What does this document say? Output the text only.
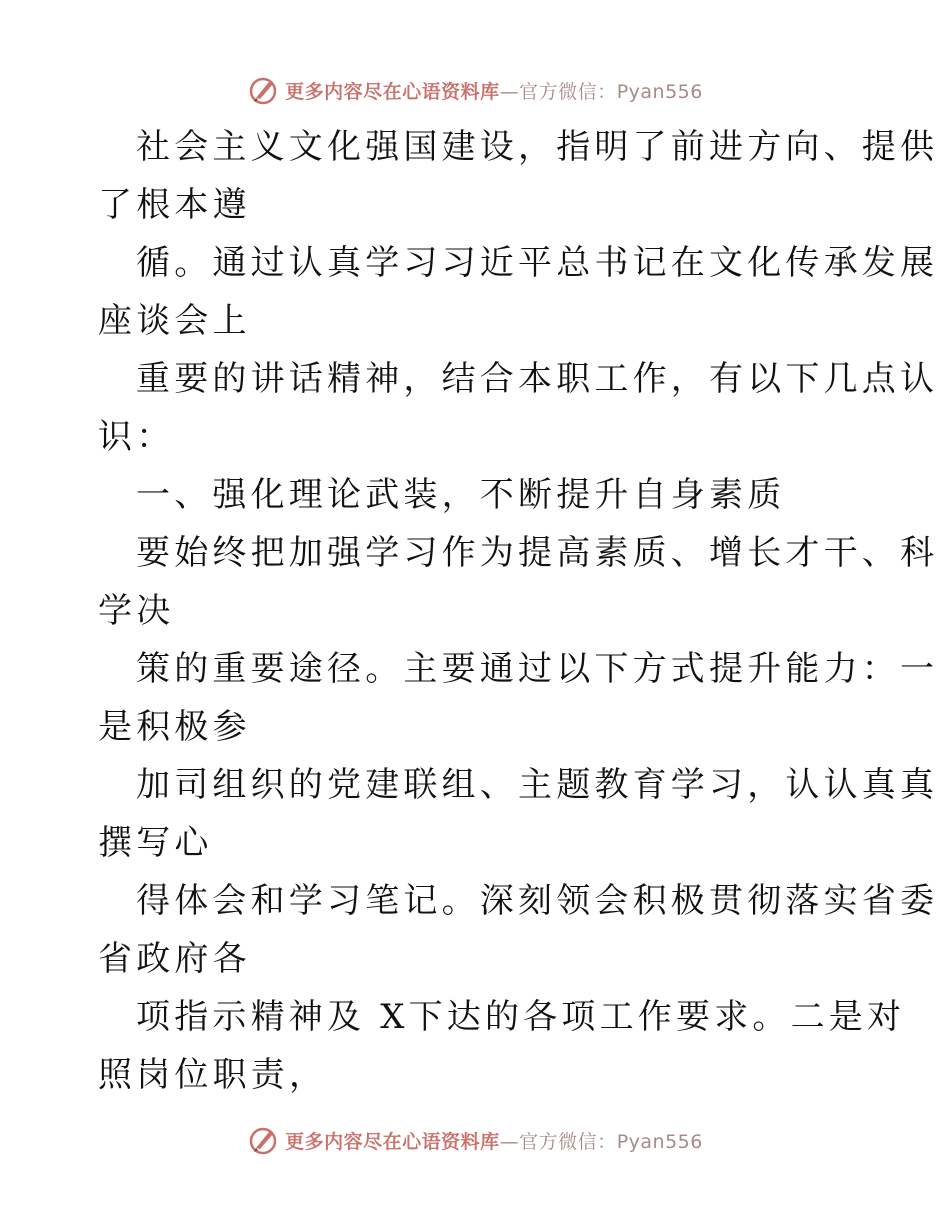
更多内容尽在心语资料库—官方微信：Pyan556
社会主义文化强国建设，指明了前进方向、提供
了根本遵
循。通过认真学习习近平总书记在文化传承发展
座谈会上
重要的讲话精神，结合本职工作，有以下几点认
识：
一、强化理论武装，不断提升自身素质
要始终把加强学习作为提高素质、增长才干、科
学决
策的重要途径。主要通过以下方式提升能力：一
是积极参
加司组织的党建联组、主题教育学习，认认真真
撰写心
得体会和学习笔记。深刻领会积极贯彻落实省委
省政府各
项指示精神及 X下达的各项工作要求。二是对
照岗位职责，
更多内容尽在心语资料库—官方微信：Pyan556
